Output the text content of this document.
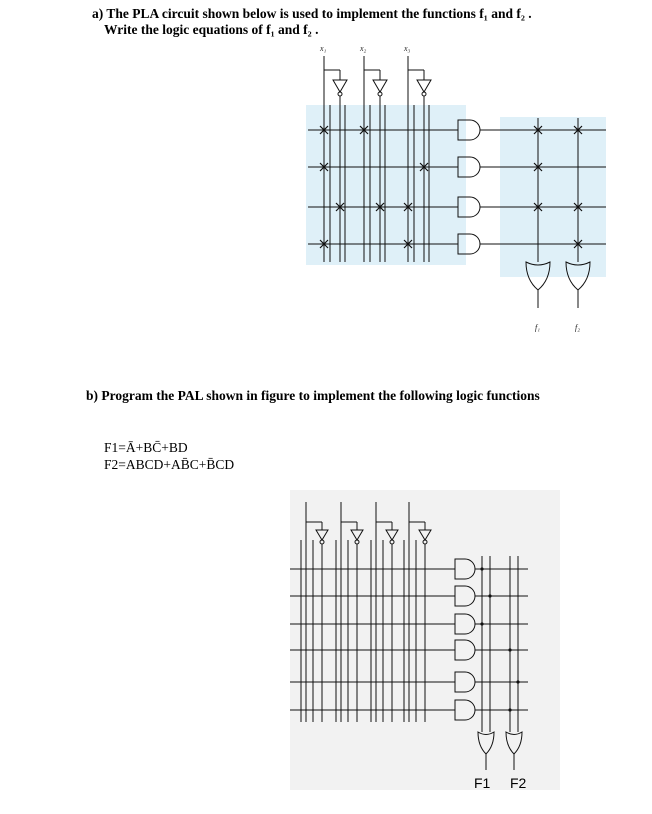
a) The PLA circuit shown below is used to implement the functions f₁ and f₂ .
Write the logic equations of f₁ and f₂ .
x₁	x₂	x₃
f₁	f₂
b) Program the PAL shown in figure to implement the following logic functions
F1=Ā+BC̄+BD
F2=ABCD+AB̄C+B̄CD
F1 F2
